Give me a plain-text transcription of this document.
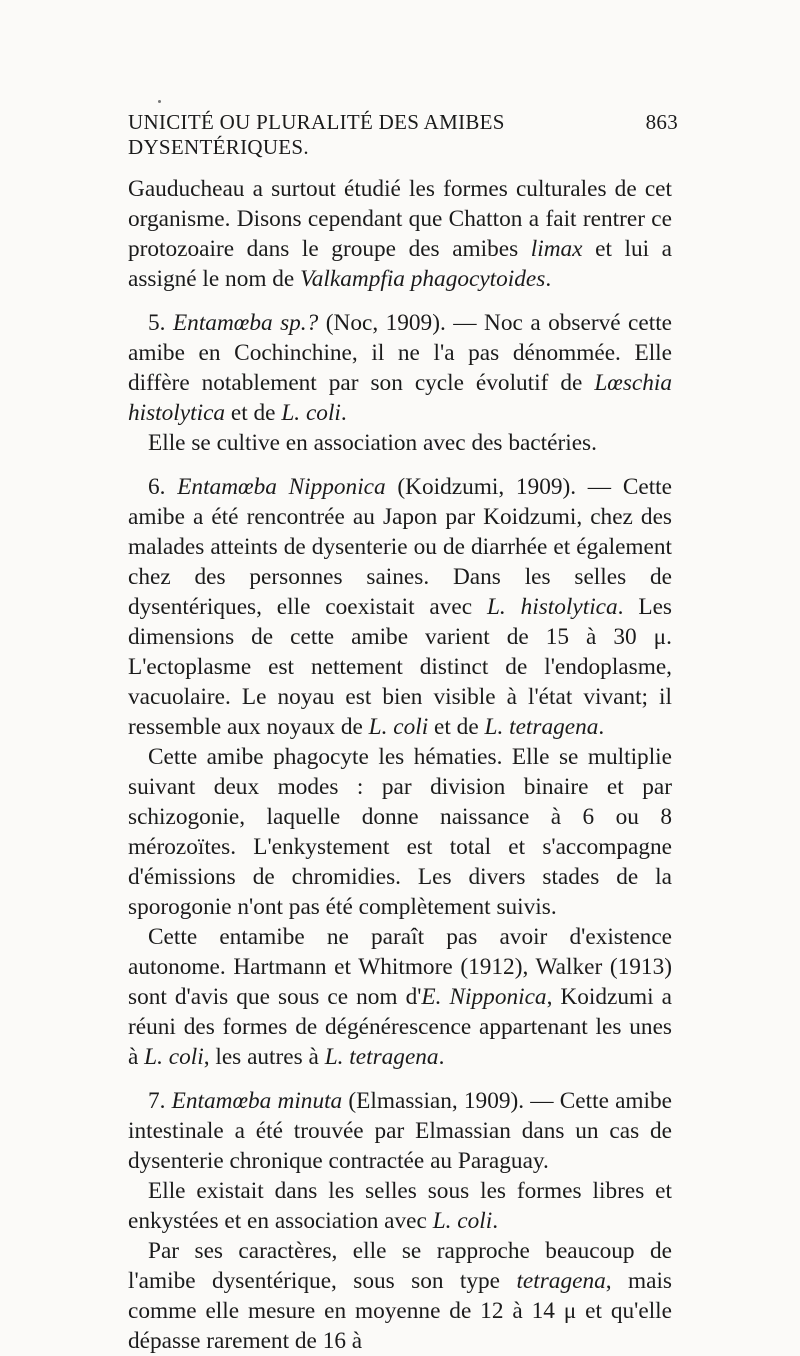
UNICITÉ OU PLURALITÉ DES AMIBES DYSENTÉRIQUES.
863

Gauducheau a surtout étudié les formes culturales de cet organisme. Disons cependant que Chatton a fait rentrer ce protozoaire dans le groupe des amibes limax et lui a assigné le nom de Valkampfia phagocytoides.

5. Entamœba sp.? (Noc, 1909). — Noc a observé cette amibe en Cochinchine, il ne l'a pas dénommée. Elle diffère notablement par son cycle évolutif de Lœschia histolytica et de L. coli.

Elle se cultive en association avec des bactéries.

6. Entamœba Nipponica (Koidzumi, 1909). — Cette amibe a été rencontrée au Japon par Koidzumi, chez des malades atteints de dysenterie ou de diarrhée et également chez des personnes saines. Dans les selles de dysentériques, elle coexistait avec L. histolytica. Les dimensions de cette amibe varient de 15 à 30 μ. L'ectoplasme est nettement distinct de l'endoplasme, vacuolaire. Le noyau est bien visible à l'état vivant; il ressemble aux noyaux de L. coli et de L. tetragena.

Cette amibe phagocyte les hématies. Elle se multiplie suivant deux modes : par division binaire et par schizogonie, laquelle donne naissance à 6 ou 8 mérozoïtes. L'enkystement est total et s'accompagne d'émissions de chromidies. Les divers stades de la sporogonie n'ont pas été complètement suivis.

Cette entamibe ne paraît pas avoir d'existence autonome. Hartmann et Whitmore (1912), Walker (1913) sont d'avis que sous ce nom d'E. Nipponica, Koidzumi a réuni des formes de dégénérescence appartenant les unes à L. coli, les autres à L. tetragena.

7. Entamœba minuta (Elmassian, 1909). — Cette amibe intestinale a été trouvée par Elmassian dans un cas de dysenterie chronique contractée au Paraguay.

Elle existait dans les selles sous les formes libres et enkystées et en association avec L. coli.

Par ses caractères, elle se rapproche beaucoup de l'amibe dysentérique, sous son type tetragena, mais comme elle mesure en moyenne de 12 à 14 μ et qu'elle dépasse rarement de 16 à
